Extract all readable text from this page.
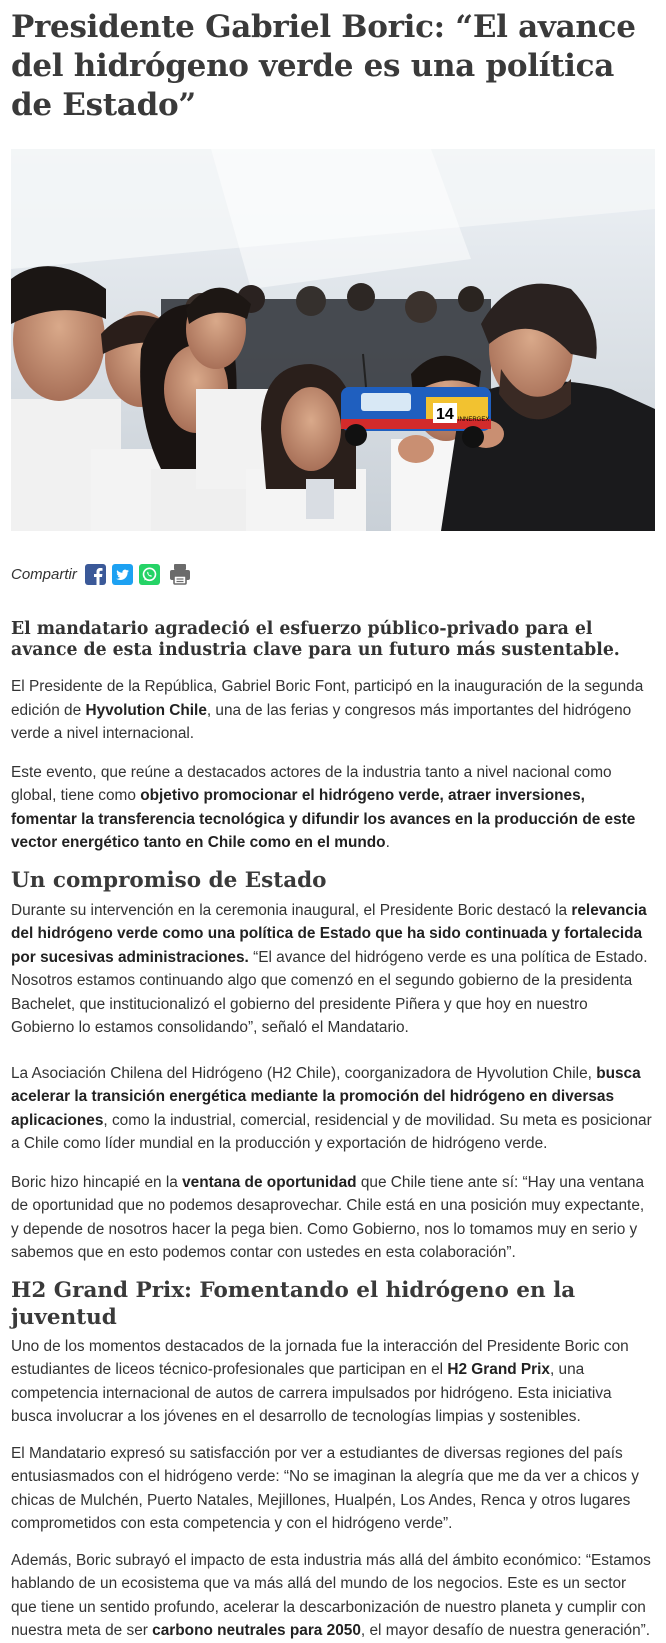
Presidente Gabriel Boric: “El avance del hidrógeno verde es una política de Estado”
14 INNERGEX
Compartir
El mandatario agradeció el esfuerzo público-privado para el avance de esta industria clave para un futuro más sustentable.

El Presidente de la República, Gabriel Boric Font, participó en la inauguración de la segunda edición de Hyvolution Chile, una de las ferias y congresos más importantes del hidrógeno verde a nivel internacional.

Este evento, que reúne a destacados actores de la industria tanto a nivel nacional como global, tiene como objetivo promocionar el hidrógeno verde, atraer inversiones, fomentar la transferencia tecnológica y difundir los avances en la producción de este vector energético tanto en Chile como en el mundo.

Un compromiso de Estado

Durante su intervención en la ceremonia inaugural, el Presidente Boric destacó la relevancia del hidrógeno verde como una política de Estado que ha sido continuada y fortalecida por sucesivas administraciones. “El avance del hidrógeno verde es una política de Estado. Nosotros estamos continuando algo que comenzó en el segundo gobierno de la presidenta Bachelet, que institucionalizó el gobierno del presidente Piñera y que hoy en nuestro Gobierno lo estamos consolidando”, señaló el Mandatario.

La Asociación Chilena del Hidrógeno (H2 Chile), coorganizadora de Hyvolution Chile, busca acelerar la transición energética mediante la promoción del hidrógeno en diversas aplicaciones, como la industrial, comercial, residencial y de movilidad. Su meta es posicionar a Chile como líder mundial en la producción y exportación de hidrógeno verde.

Boric hizo hincapié en la ventana de oportunidad que Chile tiene ante sí: “Hay una ventana de oportunidad que no podemos desaprovechar. Chile está en una posición muy expectante, y depende de nosotros hacer la pega bien. Como Gobierno, nos lo tomamos muy en serio y sabemos que en esto podemos contar con ustedes en esta colaboración”.

H2 Grand Prix: Fomentando el hidrógeno en la juventud

Uno de los momentos destacados de la jornada fue la interacción del Presidente Boric con estudiantes de liceos técnico-profesionales que participan en el H2 Grand Prix, una competencia internacional de autos de carrera impulsados por hidrógeno. Esta iniciativa busca involucrar a los jóvenes en el desarrollo de tecnologías limpias y sostenibles.

El Mandatario expresó su satisfacción por ver a estudiantes de diversas regiones del país entusiasmados con el hidrógeno verde: “No se imaginan la alegría que me da ver a chicos y chicas de Mulchén, Puerto Natales, Mejillones, Hualpén, Los Andes, Renca y otros lugares comprometidos con esta competencia y con el hidrógeno verde”.

Además, Boric subrayó el impacto de esta industria más allá del ámbito económico: “Estamos hablando de un ecosistema que va más allá del mundo de los negocios. Este es un sector que tiene un sentido profundo, acelerar la descarbonización de nuestro planeta y cumplir con nuestra meta de ser carbono neutrales para 2050, el mayor desafío de nuestra generación”.
